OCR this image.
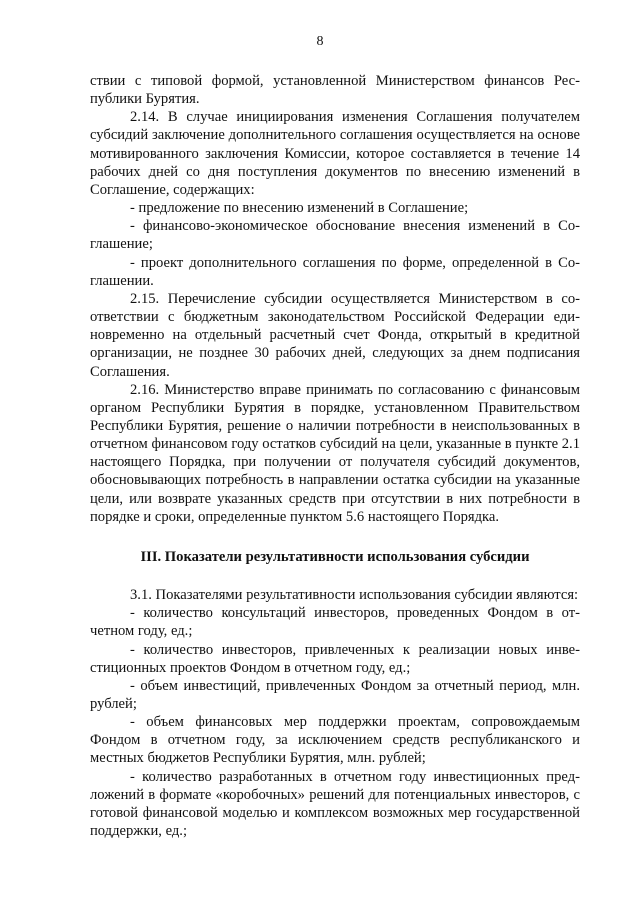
8

ствии с типовой формой, установленной Министерством финансов Республики Бурятия.

2.14. В случае инициирования изменения Соглашения получателем субсидий заключение дополнительного соглашения осуществляется на основе мотивированного заключения Комиссии, которое составляется в течение 14 рабочих дней со дня поступления документов по внесению изменений в Соглашение, содержащих:

- предложение по внесению изменений в Соглашение;

- финансово-экономическое обоснование внесения изменений в Соглашение;

- проект дополнительного соглашения по форме, определенной в Соглашении.

2.15. Перечисление субсидии осуществляется Министерством в соответствии с бюджетным законодательством Российской Федерации единовременно на отдельный расчетный счет Фонда, открытый в кредитной организации, не позднее 30 рабочих дней, следующих за днем подписания Соглашения.

2.16. Министерство вправе принимать по согласованию с финансовым органом Республики Бурятия в порядке, установленном Правительством Республики Бурятия, решение о наличии потребности в неиспользованных в отчетном финансовом году остатков субсидий на цели, указанные в пункте 2.1 настоящего Порядка, при получении от получателя субсидий документов, обосновывающих потребность в направлении остатка субсидии на указанные цели, или возврате указанных средств при отсутствии в них потребности в порядке и сроки, определенные пунктом 5.6 настоящего Порядка.

III. Показатели результативности использования субсидии

3.1. Показателями результативности использования субсидии являются:

- количество консультаций инвесторов, проведенных Фондом в отчетном году, ед.;

- количество инвесторов, привлеченных к реализации новых инвестиционных проектов Фондом в отчетном году, ед.;

- объем инвестиций, привлеченных Фондом за отчетный период, млн. рублей;

- объем финансовых мер поддержки проектам, сопровождаемым Фондом в отчетном году, за исключением средств республиканского и местных бюджетов Республики Бурятия, млн. рублей;

- количество разработанных в отчетном году инвестиционных предложений в формате «коробочных» решений для потенциальных инвесторов, с готовой финансовой моделью и комплексом возможных мер государственной поддержки, ед.;
